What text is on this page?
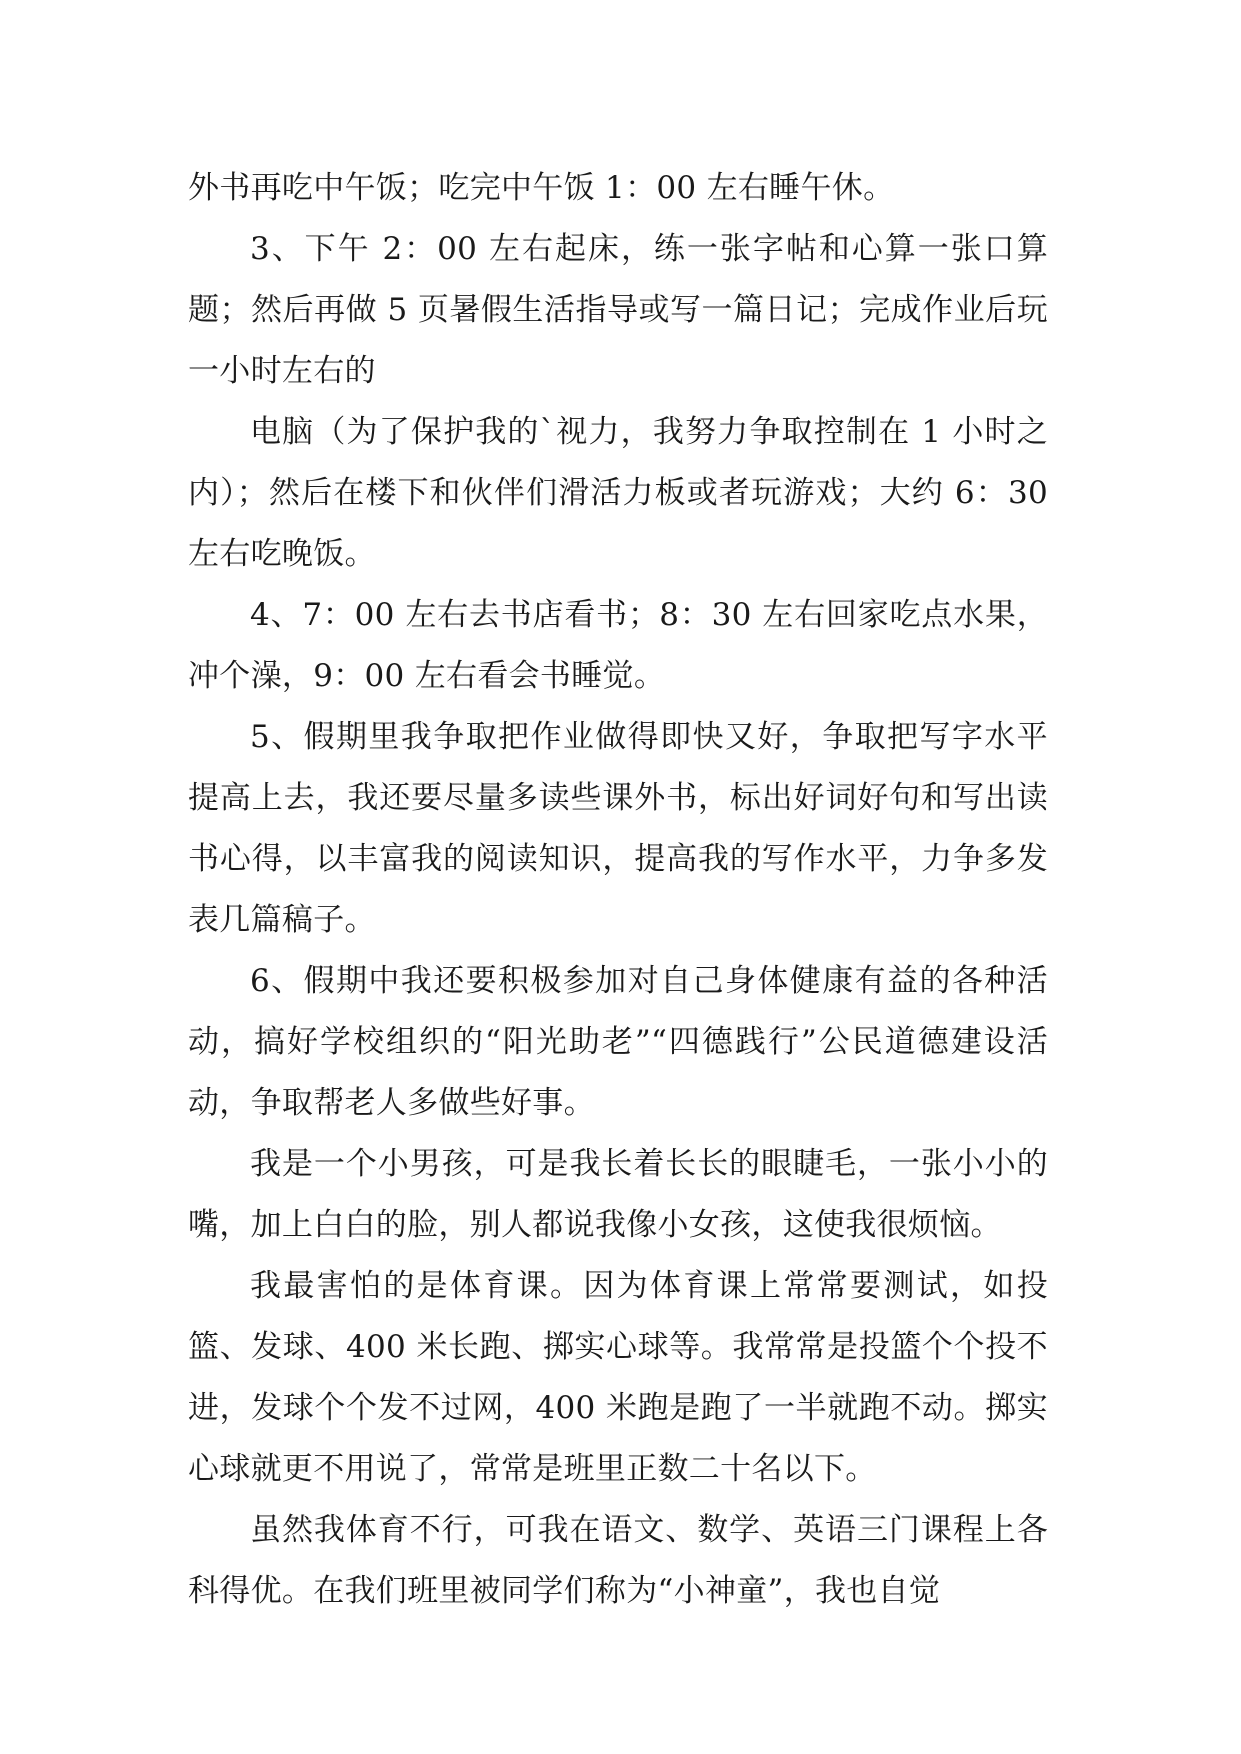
外书再吃中午饭；吃完中午饭 1：00 左右睡午休。

3、下午 2：00 左右起床，练一张字帖和心算一张口算题；然后再做 5 页暑假生活指导或写一篇日记；完成作业后玩一小时左右的

电脑（为了保护我的`视力，我努力争取控制在 1 小时之内）；然后在楼下和伙伴们滑活力板或者玩游戏；大约 6：30 左右吃晚饭。

4、7：00 左右去书店看书；8：30 左右回家吃点水果，冲个澡，9：00 左右看会书睡觉。

5、假期里我争取把作业做得即快又好，争取把写字水平提高上去，我还要尽量多读些课外书，标出好词好句和写出读书心得，以丰富我的阅读知识，提高我的写作水平，力争多发表几篇稿子。

6、假期中我还要积极参加对自己身体健康有益的各种活动，搞好学校组织的“阳光助老”“四德践行”公民道德建设活动，争取帮老人多做些好事。

我是一个小男孩，可是我长着长长的眼睫毛，一张小小的嘴，加上白白的脸，别人都说我像小女孩，这使我很烦恼。

我最害怕的是体育课。因为体育课上常常要测试，如投篮、发球、400 米长跑、掷实心球等。我常常是投篮个个投不进，发球个个发不过网，400 米跑是跑了一半就跑不动。掷实心球就更不用说了，常常是班里正数二十名以下。

虽然我体育不行，可我在语文、数学、英语三门课程上各科得优。在我们班里被同学们称为“小神童”，我也自觉
